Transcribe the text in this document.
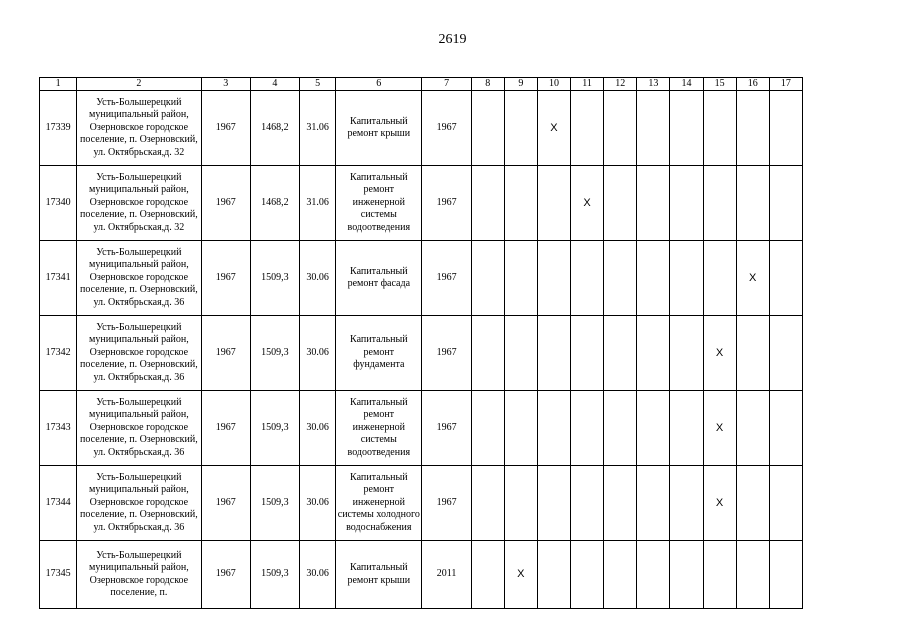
2619
1	2	3	4	5	6	7	8	9	10	11	12	13	14	15	16	17
17339	Усть-Большерецкий муниципальный район, Озерновское городское поселение, п. Озерновский, ул. Октябрьская,д. 32	1967	1468,2	31.06	Капитальный ремонт крыши	1967			Х							
17340	Усть-Большерецкий муниципальный район, Озерновское городское поселение, п. Озерновский, ул. Октябрьская,д. 32	1967	1468,2	31.06	Капитальный ремонт инженерной системы водоотведения	1967				Х						
17341	Усть-Большерецкий муниципальный район, Озерновское городское поселение, п. Озерновский, ул. Октябрьская,д. 36	1967	1509,3	30.06	Капитальный ремонт фасада	1967									Х	
17342	Усть-Большерецкий муниципальный район, Озерновское городское поселение, п. Озерновский, ул. Октябрьская,д. 36	1967	1509,3	30.06	Капитальный ремонт фундамента	1967								Х		
17343	Усть-Большерецкий муниципальный район, Озерновское городское поселение, п. Озерновский, ул. Октябрьская,д. 36	1967	1509,3	30.06	Капитальный ремонт инженерной системы водоотведения	1967								Х		
17344	Усть-Большерецкий муниципальный район, Озерновское городское поселение, п. Озерновский, ул. Октябрьская,д. 36	1967	1509,3	30.06	Капитальный ремонт инженерной системы холодного водоснабжения	1967								Х		
17345	Усть-Большерецкий муниципальный район, Озерновское городское поселение, п.	1967	1509,3	30.06	Капитальный ремонт крыши	2011		Х								
